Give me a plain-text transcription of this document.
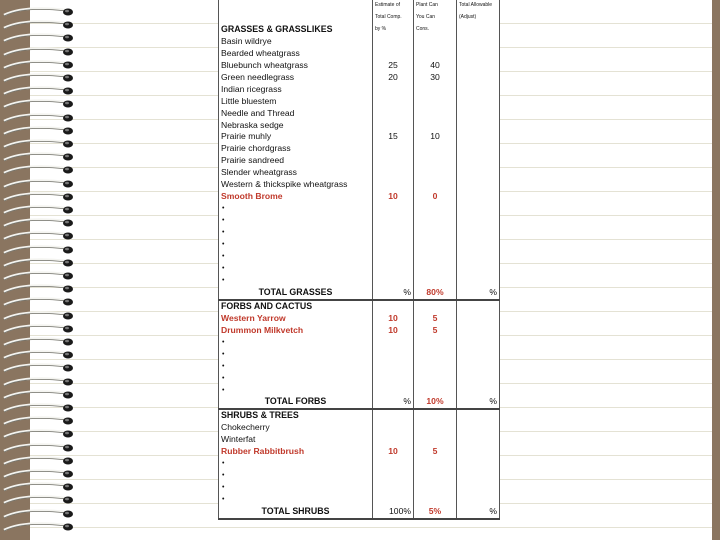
	Estimate of	Plant Can	Total Allowable
	Total Comp.	You Can	(Adjust)
GRASSES & GRASSLIKES	by %	Cons.	
Basin wildrye			
Bearded wheatgrass			
Bluebunch wheatgrass	25	40	
Green needlegrass	20	30	
Indian ricegrass			
Little bluestem			
Needle and Thread			
Nebraska sedge			
Prairie muhly	15	10	
Prairie chordgrass			
Prairie sandreed			
Slender wheatgrass			
Western & thickspike wheatgrass			
Smooth Brome	10	0	
•			
•			
•			
•			
•			
•			
•			
TOTAL GRASSES	%	80%	%
FORBS AND CACTUS			
Western Yarrow	10	5	
Drummon Milkvetch	10	5	
•			
•			
•			
•			
•			
TOTAL FORBS	%	10%	%
SHRUBS & TREES			
Chokecherry			
Winterfat			
Rubber Rabbitbrush	10	5	
•			
•			
•			
•			
TOTAL SHRUBS	100%	5%	%
